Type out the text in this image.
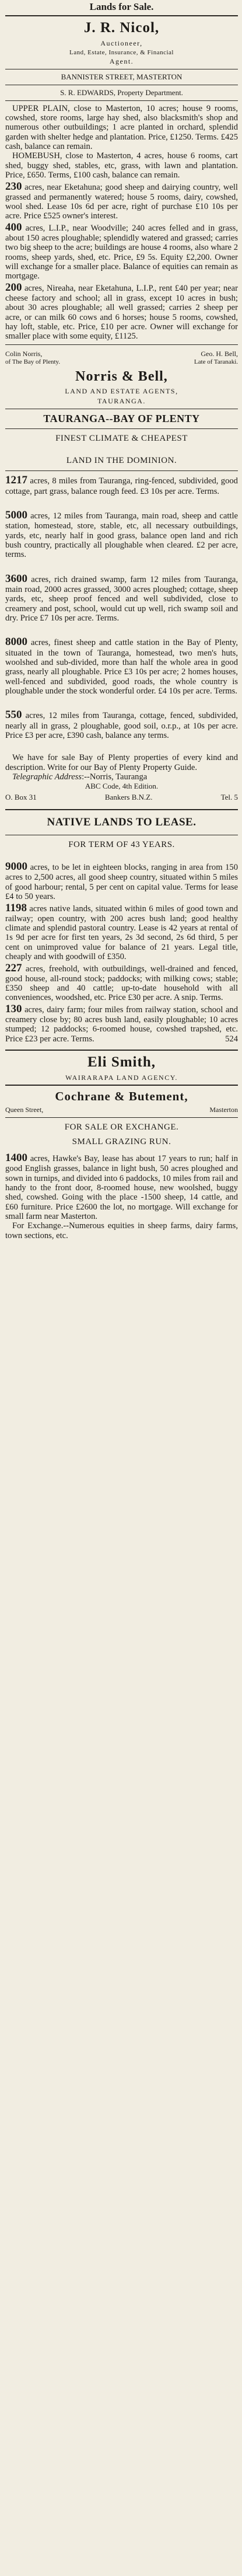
Lands for Sale.
J. R. Nicol,
Auctioneer,
Land, Estate, Insurance, & Financial
Agent.
BANNISTER STREET, MASTERTON
S. R. EDWARDS, Property Department.

UPPER PLAIN, close to Masterton, 10 acres; house 9 rooms, cowshed, store rooms, large hay shed, also blacksmith's shop and numerous other outbuildings; 1 acre planted in orchard, splendid garden with shelter hedge and plantation. Price, £1250. Terms. £425 cash, balance can remain.

HOMEBUSH, close to Masterton, 4 acres, house 6 rooms, cart shed, buggy shed, stables, etc, grass, with lawn and plantation. Price, £650. Terms, £100 cash, balance can remain.

230 acres, near Eketahuna; good sheep and dairying country, well grassed and permanently watered; house 5 rooms, dairy, cowshed, wool shed. Lease 10s 6d per acre, right of purchase £10 10s per acre. Price £525 owner's interest.

400 acres, L.I.P., near Woodville; 240 acres felled and in grass, about 150 acres ploughable; splendidly watered and grassed; carries two big sheep to the acre; buildings are house 4 rooms, also whare 2 rooms, sheep yards, shed, etc. Price, £9 5s. Equity £2,200. Owner will exchange for a smaller place. Balance of equities can remain as mortgage.

200 acres, Nireaha, near Eketahuna, L.I.P., rent £40 per year; near cheese factory and school; all in grass, except 10 acres in bush; about 30 acres ploughable; all well grassed; carries 2 sheep per acre, or can milk 60 cows and 6 horses; house 5 rooms, cowshed, hay loft, stable, etc. Price, £10 per acre. Owner will exchange for smaller place with some equity, £1125.

Colin Norris,
of The Bay of Plenty.
Geo. H. Bell,
Late of Taranaki.
Norris & Bell,
LAND AND ESTATE AGENTS,
TAURANGA.
TAURANGA--BAY OF PLENTY
FINEST CLIMATE & CHEAPEST
LAND IN THE DOMINION.

1217 acres, 8 miles from Tauranga, ring-fenced, subdivided, good cottage, part grass, balance rough feed. £3 10s per acre. Terms.

5000 acres, 12 miles from Tauranga, main road, sheep and cattle station, homestead, store, stable, etc, all necessary outbuildings, yards, etc, nearly half in good grass, balance open land and rich bush country, practically all ploughable when cleared. £2 per acre, terms.

3600 acres, rich drained swamp, farm 12 miles from Tauranga, main road, 2000 acres grassed, 3000 acres ploughed; cottage, sheep yards, etc, sheep proof fenced and well subdivided, close to creamery and post, school, would cut up well, rich swamp soil and dry. Price £7 10s per acre. Terms.

8000 acres, finest sheep and cattle station in the Bay of Plenty, situated in the town of Tauranga, homestead, two men's huts, woolshed and sub-divided, more than half the whole area in good grass, nearly all ploughable. Price £3 10s per acre; 2 homes houses, well-fenced and subdivided, good roads, the whole country is ploughable under the stock wonderful order. £4 10s per acre. Terms.

550 acres, 12 miles from Tauranga, cottage, fenced, subdivided, nearly all in grass, 2 ploughable, good soil, o.r.p., at 10s per acre. Price £3 per acre, £390 cash, balance any terms.

We have for sale Bay of Plenty properties of every kind and description. Write for our Bay of Plenty Property Guide.

Telegraphic Address:--Norris, Tauranga

ABC Code, 4th Edition.
O. Box 31	Bankers B.N.Z.	Tel. 5
NATIVE LANDS TO LEASE.
FOR TERM OF 43 YEARS.

9000 acres, to be let in eighteen blocks, ranging in area from 150 acres to 2,500 acres, all good sheep country, situated within 5 miles of good harbour; rental, 5 per cent on capital value. Terms for lease £4 to 50 years.

1198 acres native lands, situated within 6 miles of good town and railway; open country, with 200 acres bush land; good healthy climate and splendid pastoral country. Lease is 42 years at rental of 1s 9d per acre for first ten years, 2s 3d second, 2s 6d third, 5 per cent on unimproved value for balance of 21 years. Legal title, cheaply and with goodwill of £350.

227 acres, freehold, with outbuildings, well-drained and fenced, good house, all-round stock; paddocks; with milking cows; stable; £350 sheep and 40 cattle; up-to-date household with all conveniences, woodshed, etc. Price £30 per acre. A snip. Terms.

130 acres, dairy farm; four miles from railway station, school and creamery close by; 80 acres bush land, easily ploughable; 10 acres stumped; 12 paddocks; 6-roomed house, cowshed trapshed, etc. Price £23 per acre. Terms.	524

Eli Smith,
WAIRARAPA LAND AGENCY.
Cochrane & Butement,
Queen Street,	Masterton
FOR SALE OR EXCHANGE.
SMALL GRAZING RUN.

1400 acres, Hawke's Bay, lease has about 17 years to run; half in good English grasses, balance in light bush, 50 acres ploughed and sown in turnips, and divided into 6 paddocks, 10 miles from rail and handy to the front door, 8-roomed house, new woolshed, buggy shed, cowshed. Going with the place -1500 sheep, 14 cattle, and £60 furniture. Price £2600 the lot, no mortgage. Will exchange for small farm near Masterton.

For Exchange.--Numerous equities in sheep farms, dairy farms, town sections, etc.
